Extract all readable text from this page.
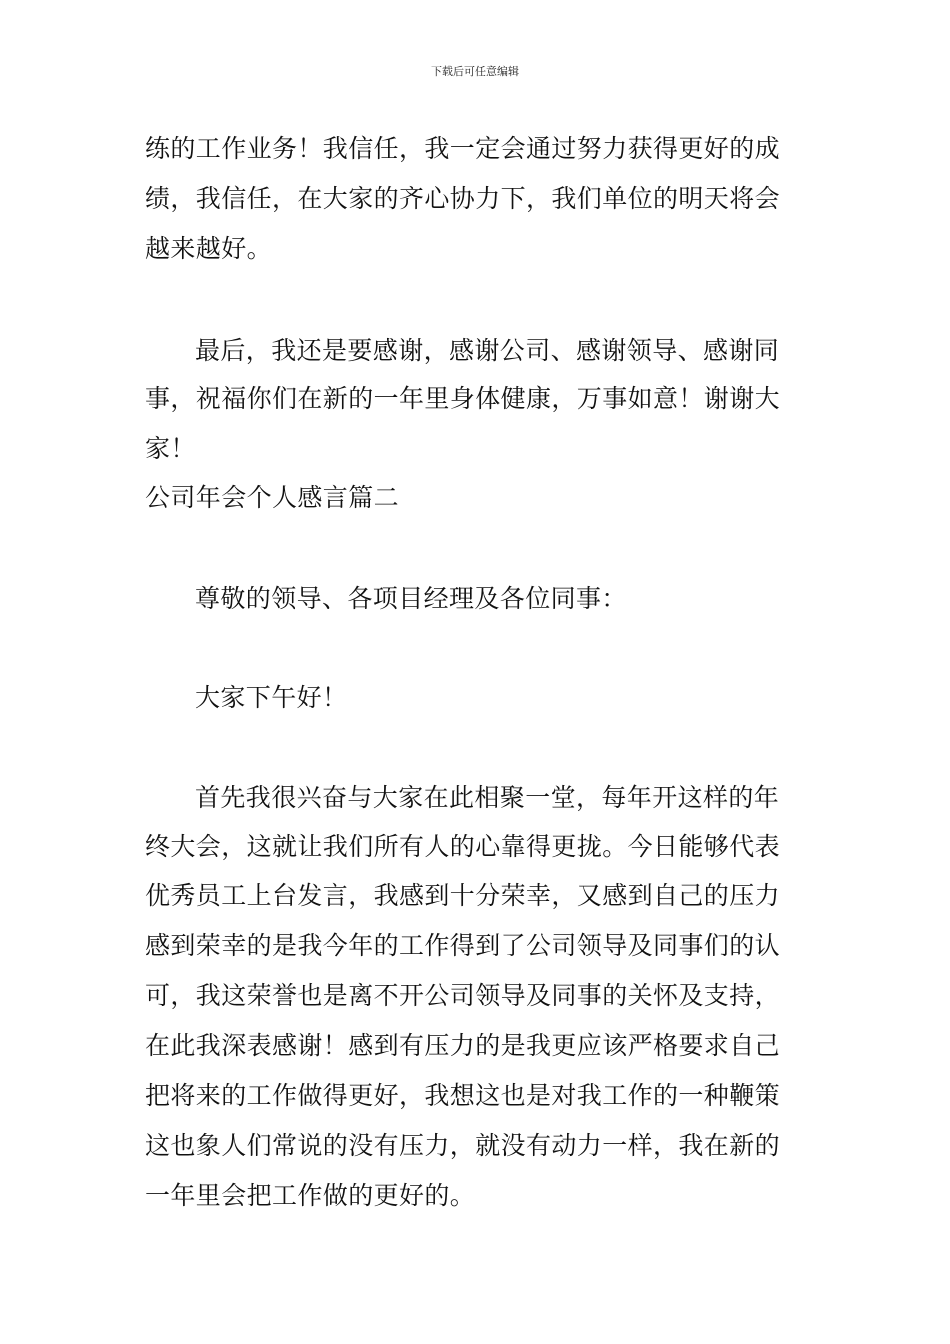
下载后可任意编辑
练的工作业务！我信任，我一定会通过努力获得更好的成
绩，我信任，在大家的齐心协力下，我们单位的明天将会
越来越好。
最后，我还是要感谢，感谢公司、感谢领导、感谢同
事，祝福你们在新的一年里身体健康，万事如意！谢谢大
家！
公司年会个人感言篇二
尊敬的领导、各项目经理及各位同事：
大家下午好！
首先我很兴奋与大家在此相聚一堂，每年开这样的年
终大会，这就让我们所有人的心靠得更拢。今日能够代表
优秀员工上台发言，我感到十分荣幸，又感到自己的压力
感到荣幸的是我今年的工作得到了公司领导及同事们的认
可，我这荣誉也是离不开公司领导及同事的关怀及支持，
在此我深表感谢！感到有压力的是我更应该严格要求自己
把将来的工作做得更好，我想这也是对我工作的一种鞭策
这也象人们常说的没有压力，就没有动力一样，我在新的
一年里会把工作做的更好的。
